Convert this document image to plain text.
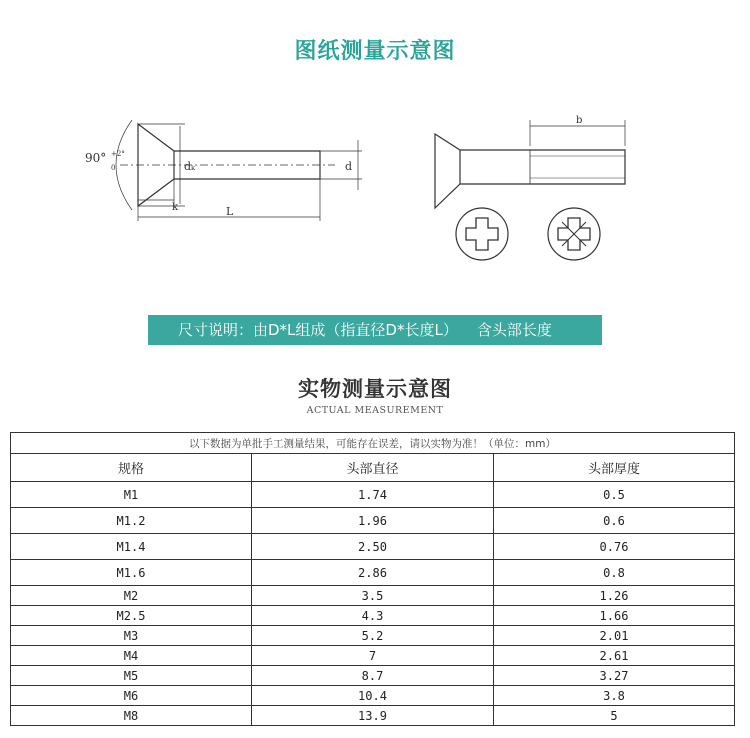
图纸测量示意图
90° +2°
0	dₖ	d
k	L
b
尺寸说明：由D*L组成（指直径D*长度L）    含头部长度
实物测量示意图
ACTUAL MEASUREMENT
以下数据为单批手工测量结果，可能存在误差，请以实物为准！（单位：mm）		
规格	头部直径	头部厚度
M1	1.74	0.5
M1.2	1.96	0.6
M1.4	2.50	0.76
M1.6	2.86	0.8
M2	3.5	1.26
M2.5	4.3	1.66
M3	5.2	2.01
M4	7	2.61
M5	8.7	3.27
M6	10.4	3.8
M8	13.9	5
